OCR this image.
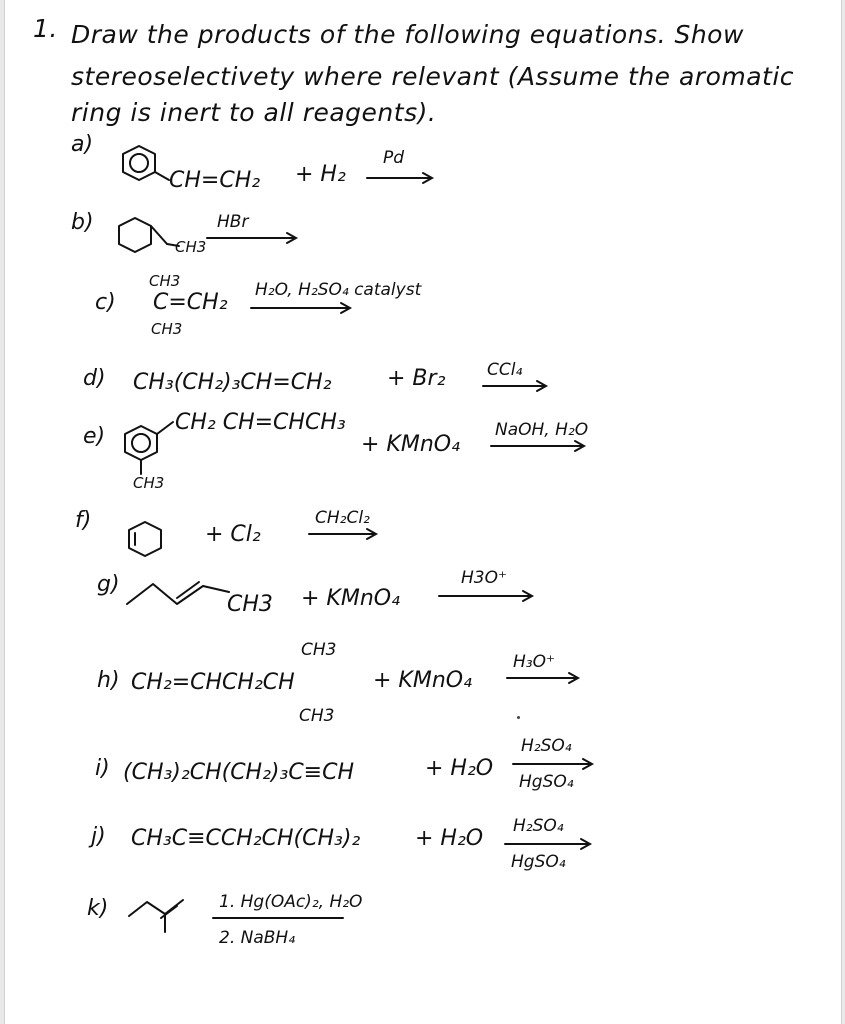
1. Draw the products of the following equations. Show
stereoselectivety where relevant (Assume the aromatic
ring is inert to all reagents).
a)
CH=CH₂ + H₂
Pd
b)
CH3
HBr
c)
CH3
C=CH₂
CH3
H₂O, H₂SO₄ catalyst
d) CH₃(CH₂)₃CH=CH₂	+ Br₂ CCl₄
e)
CH₂ CH=CHCH₃
CH3
+ KMnO₄
NaOH, H₂O
f)
+ Cl₂
CH₂Cl₂
g)
CH3 + KMnO₄
H3O⁺
h)
CH3
CH₂=CHCH₂CH
CH3
+ KMnO₄
H₃O⁺
i) (CH₃)₂CH(CH₂)₃C≡CH	+ H₂O
H₂SO₄
HgSO₄
j) CH₃C≡CCH₂CH(CH₃)₂ + H₂O H₂SO₄
HgSO₄
k)	1. Hg(OAc)₂, H₂O
2. NaBH₄
